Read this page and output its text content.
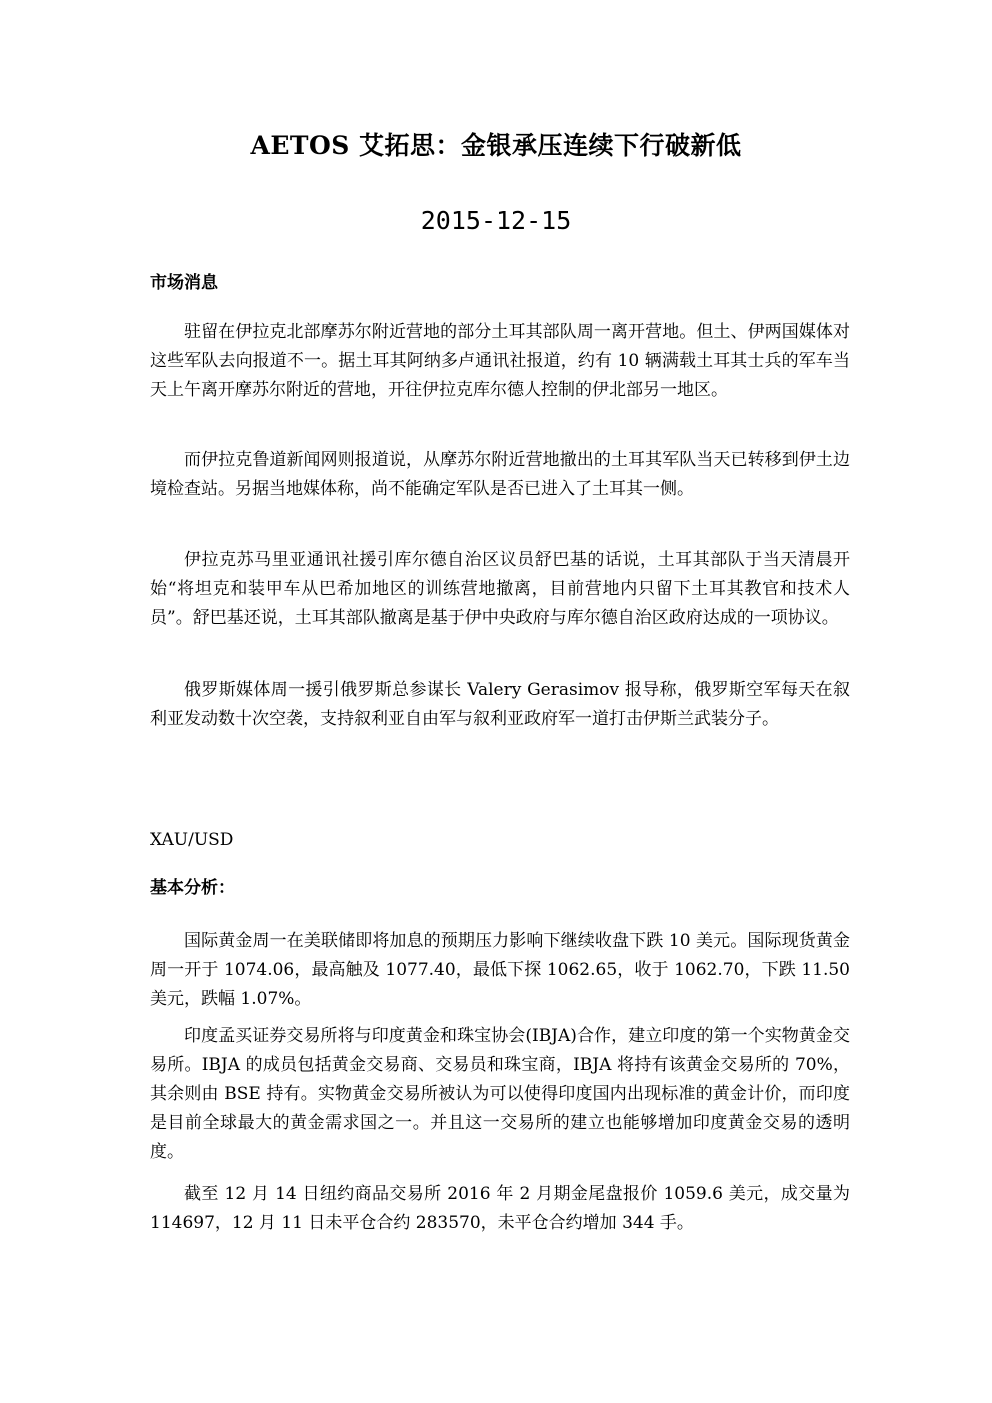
AETOS 艾拓思：金银承压连续下行破新低
2015-12-15

市场消息

驻留在伊拉克北部摩苏尔附近营地的部分土耳其部队周一离开营地。但土、伊两国媒体对这些军队去向报道不一。据土耳其阿纳多卢通讯社报道，约有 10 辆满载土耳其士兵的军车当天上午离开摩苏尔附近的营地，开往伊拉克库尔德人控制的伊北部另一地区。

而伊拉克鲁道新闻网则报道说，从摩苏尔附近营地撤出的土耳其军队当天已转移到伊土边境检查站。另据当地媒体称，尚不能确定军队是否已进入了土耳其一侧。

伊拉克苏马里亚通讯社援引库尔德自治区议员舒巴基的话说，土耳其部队于当天清晨开始“将坦克和装甲车从巴希加地区的训练营地撤离，目前营地内只留下土耳其教官和技术人员”。舒巴基还说，土耳其部队撤离是基于伊中央政府与库尔德自治区政府达成的一项协议。

俄罗斯媒体周一援引俄罗斯总参谋长 Valery Gerasimov 报导称，俄罗斯空军每天在叙利亚发动数十次空袭，支持叙利亚自由军与叙利亚政府军一道打击伊斯兰武装分子。

XAU/USD

基本分析：

国际黄金周一在美联储即将加息的预期压力影响下继续收盘下跌 10 美元。国际现货黄金周一开于 1074.06，最高触及 1077.40，最低下探 1062.65，收于 1062.70，下跌 11.50 美元，跌幅 1.07%。

印度孟买证券交易所将与印度黄金和珠宝协会(IBJA)合作，建立印度的第一个实物黄金交易所。IBJA 的成员包括黄金交易商、交易员和珠宝商，IBJA 将持有该黄金交易所的 70%，其余则由 BSE 持有。实物黄金交易所被认为可以使得印度国内出现标准的黄金计价，而印度是目前全球最大的黄金需求国之一。并且这一交易所的建立也能够增加印度黄金交易的透明度。

截至 12 月 14 日纽约商品交易所 2016 年 2 月期金尾盘报价 1059.6 美元，成交量为 114697，12 月 11 日未平仓合约 283570，未平仓合约增加 344 手。
